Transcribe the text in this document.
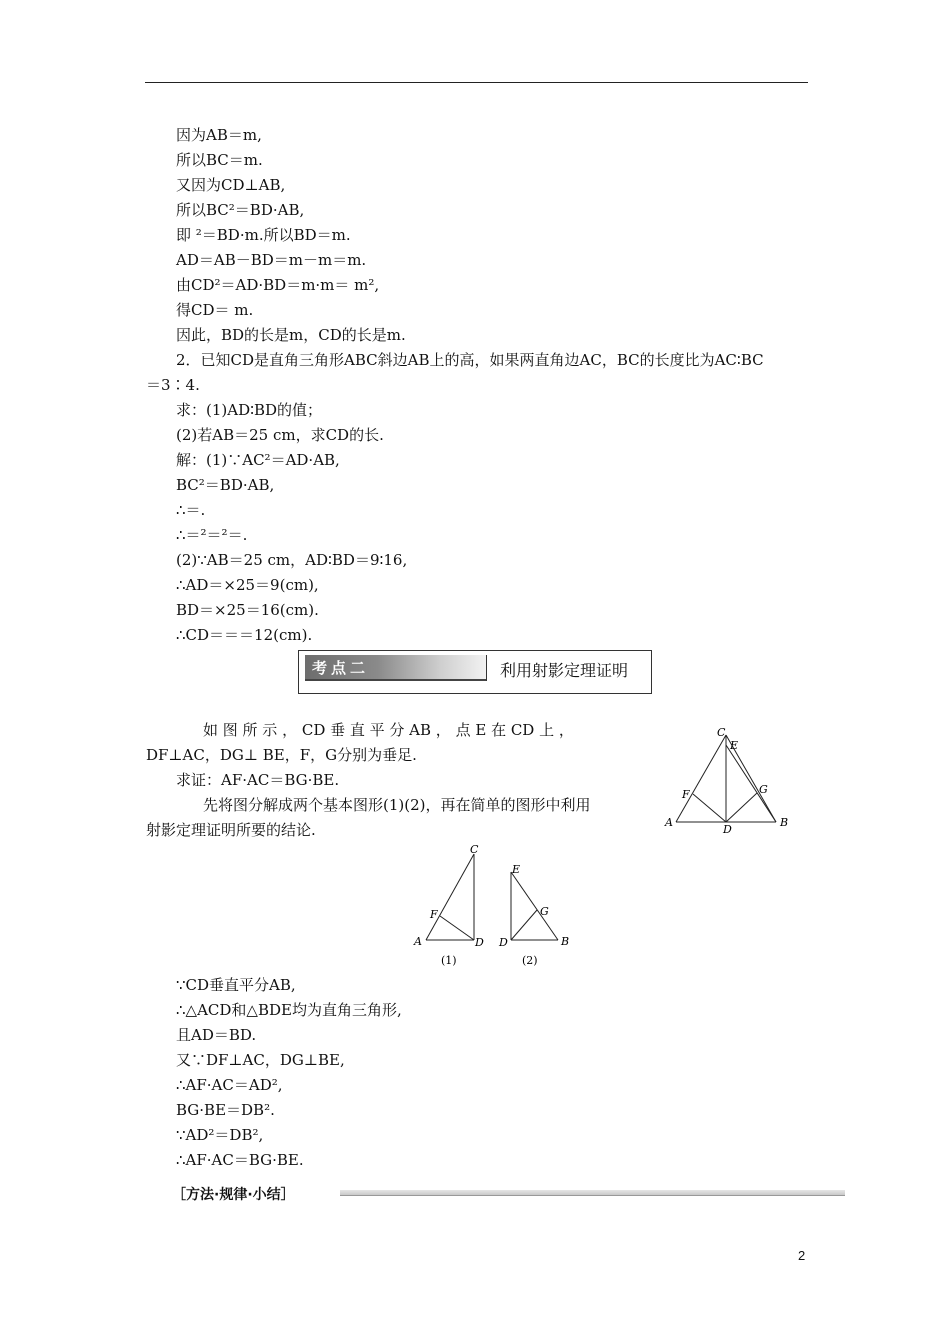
因为AB＝m,
所以BC＝m.
又因为CD⊥AB,
所以BC²＝BD·AB,
即 ²＝BD·m.所以BD＝m.
AD＝AB－BD＝m－m＝m.
由CD²＝AD·BD＝m·m＝ m²,
得CD＝ m.
因此，BD的长是m，CD的长是m.
2．已知CD是直角三角形ABC斜边AB上的高，如果两直角边AC，BC的长度比为AC∶BC
＝3∶4.
求：(1)AD∶BD的值；
(2)若AB＝25 cm，求CD的长.
解：(1)∵AC²＝AD·AB,
BC²＝BD·AB,
∴＝.
∴＝²＝²＝.
(2)∵AB＝25 cm，AD∶BD＝9∶16,
∴AD＝×25＝9(cm),
BD＝×25＝16(cm).
∴CD＝＝＝12(cm).
考点二	利用射影定理证明
如 图 所 示 ， CD 垂 直 平 分 AB ， 点 E 在 CD 上 ，
DF⊥AC，DG⊥ BE，F，G分别为垂足.
求证：AF·AC＝BG·BE.
先将图分解成两个基本图形(1)(2)，再在简单的图形中利用
射影定理证明所要的结论.
C
E
G
F
A
D
B
C
F
A	D
E
G
D	B
(1)	(2)
∵CD垂直平分AB,
∴△ACD和△BDE均为直角三角形,
且AD＝BD.
又∵DF⊥AC，DG⊥BE,
∴AF·AC＝AD²,
BG·BE＝DB².
∵AD²＝DB²,
∴AF·AC＝BG·BE.
［方法·规律·小结］
2
